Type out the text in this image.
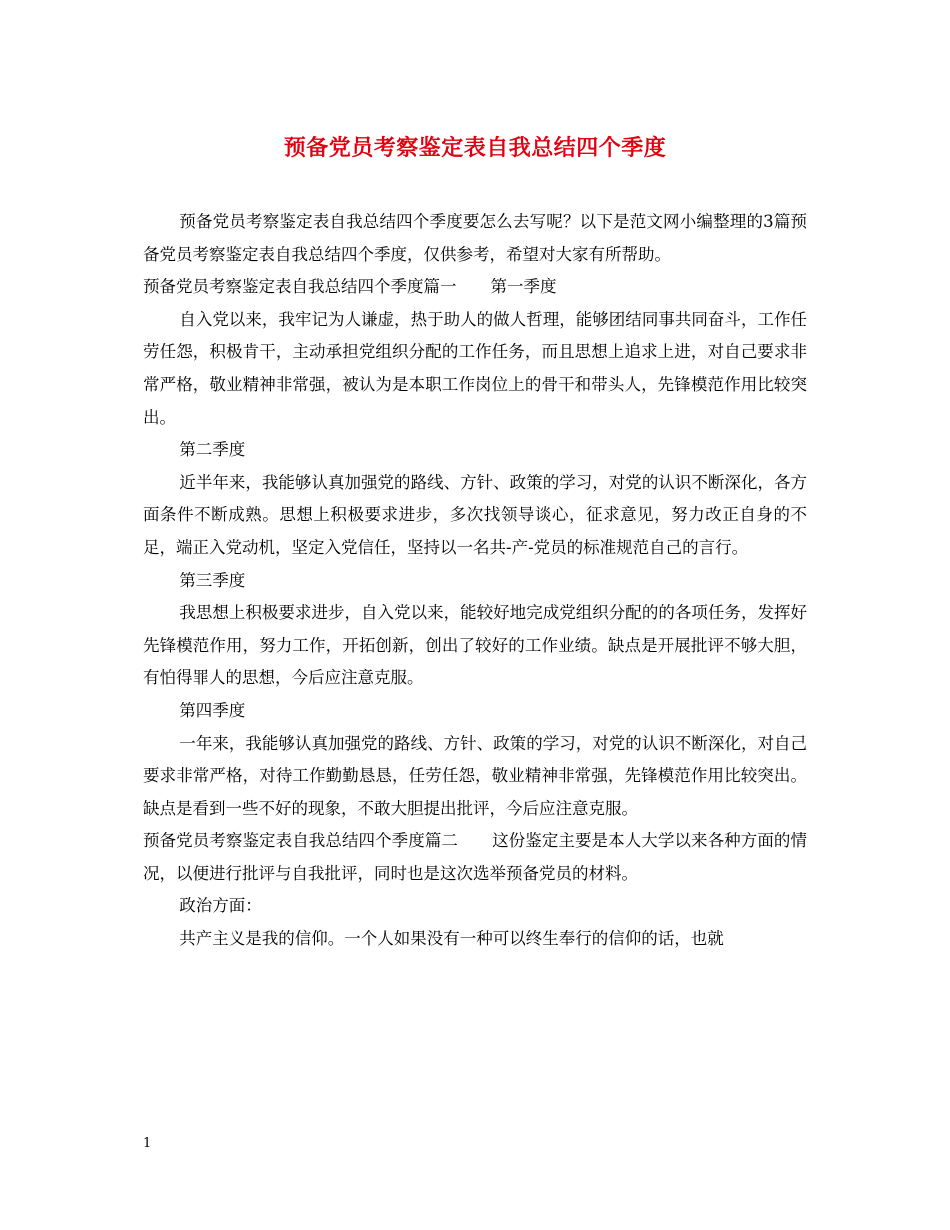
预备党员考察鉴定表自我总结四个季度

预备党员考察鉴定表自我总结四个季度要怎么去写呢？以下是范文网小编整理的3篇预备党员考察鉴定表自我总结四个季度，仅供参考，希望对大家有所帮助。

预备党员考察鉴定表自我总结四个季度篇一 第一季度

自入党以来，我牢记为人谦虚，热于助人的做人哲理，能够团结同事共同奋斗，工作任劳任怨，积极肯干，主动承担党组织分配的工作任务，而且思想上追求上进，对自己要求非常严格，敬业精神非常强，被认为是本职工作岗位上的骨干和带头人，先锋模范作用比较突出。

第二季度

近半年来，我能够认真加强党的路线、方针、政策的学习，对党的认识不断深化，各方面条件不断成熟。思想上积极要求进步，多次找领导谈心，征求意见，努力改正自身的不足，端正入党动机，坚定入党信任，坚持以一名共-产-党员的标准规范自己的言行。

第三季度

我思想上积极要求进步，自入党以来，能较好地完成党组织分配的的各项任务，发挥好先锋模范作用，努力工作，开拓创新，创出了较好的工作业绩。缺点是开展批评不够大胆，有怕得罪人的思想，今后应注意克服。

第四季度

一年来，我能够认真加强党的路线、方针、政策的学习，对党的认识不断深化，对自己要求非常严格，对待工作勤勤恳恳，任劳任怨，敬业精神非常强，先锋模范作用比较突出。缺点是看到一些不好的现象，不敢大胆提出批评，今后应注意克服。

预备党员考察鉴定表自我总结四个季度篇二 这份鉴定主要是本人大学以来各种方面的情况，以便进行批评与自我批评，同时也是这次选举预备党员的材料。

政治方面：

共产主义是我的信仰。一个人如果没有一种可以终生奉行的信仰的话，也就

1
